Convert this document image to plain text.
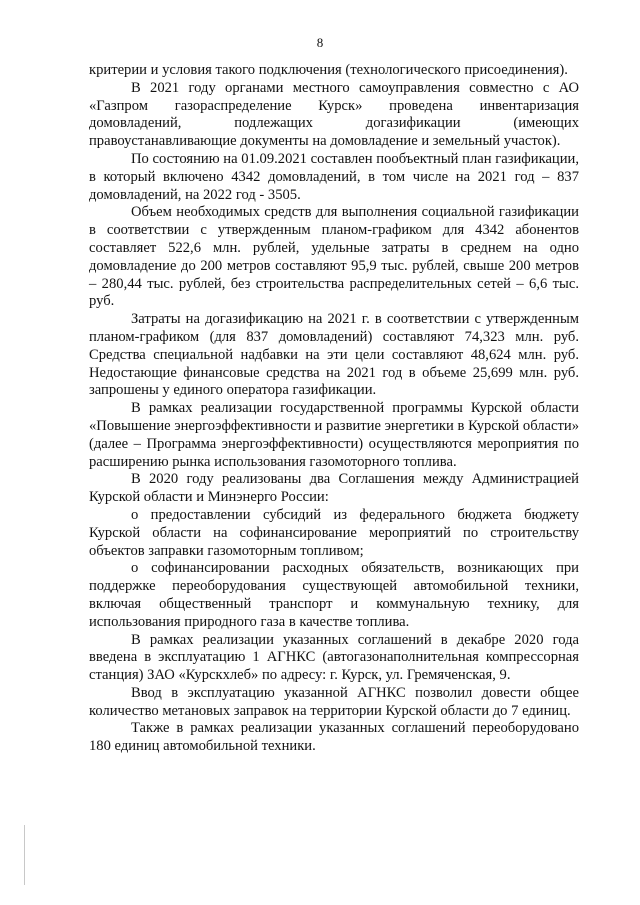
8

критерии и условия такого подключения (технологического присоединения).

В 2021 году органами местного самоуправления совместно с АО «Газпром газораспределение Курск» проведена инвентаризация домовладений, подлежащих догазификации (имеющих правоустанавливающие документы на домовладение и земельный участок).

По состоянию на 01.09.2021 составлен пообъектный план газификации, в который включено 4342 домовладений, в том числе на 2021 год – 837 домовладений, на 2022 год - 3505.

Объем необходимых средств для выполнения социальной газификации в соответствии с утвержденным планом-графиком для 4342 абонентов составляет 522,6 млн. рублей, удельные затраты в среднем на одно домовладение до 200 метров составляют 95,9 тыс. рублей, свыше 200 метров – 280,44 тыс. рублей, без строительства распределительных сетей – 6,6 тыс. руб.

Затраты на догазификацию на 2021 г. в соответствии с утвержденным планом-графиком (для 837 домовладений) составляют 74,323 млн. руб. Средства специальной надбавки на эти цели составляют 48,624 млн. руб. Недостающие финансовые средства на 2021 год в объеме 25,699 млн. руб. запрошены у единого оператора газификации.

В рамках реализации государственной программы Курской области «Повышение энергоэффективности и развитие энергетики в Курской области» (далее – Программа энергоэффективности) осуществляются мероприятия по расширению рынка использования газомоторного топлива.

В 2020 году реализованы два Соглашения между Администрацией Курской области и Минэнерго России:

о предоставлении субсидий из федерального бюджета бюджету Курской области на софинансирование мероприятий по строительству объектов заправки газомоторным топливом;

о софинансировании расходных обязательств, возникающих при поддержке переоборудования существующей автомобильной техники, включая общественный транспорт и коммунальную технику, для использования природного газа в качестве топлива.

В рамках реализации указанных соглашений в декабре 2020 года введена в эксплуатацию 1 АГНКС (автогазонаполнительная компрессорная станция) ЗАО «Курскхлеб» по адресу: г. Курск, ул. Гремяченская, 9.

Ввод в эксплуатацию указанной АГНКС позволил довести общее количество метановых заправок на территории Курской области до 7 единиц.

Также в рамках реализации указанных соглашений переоборудовано 180 единиц автомобильной техники.
